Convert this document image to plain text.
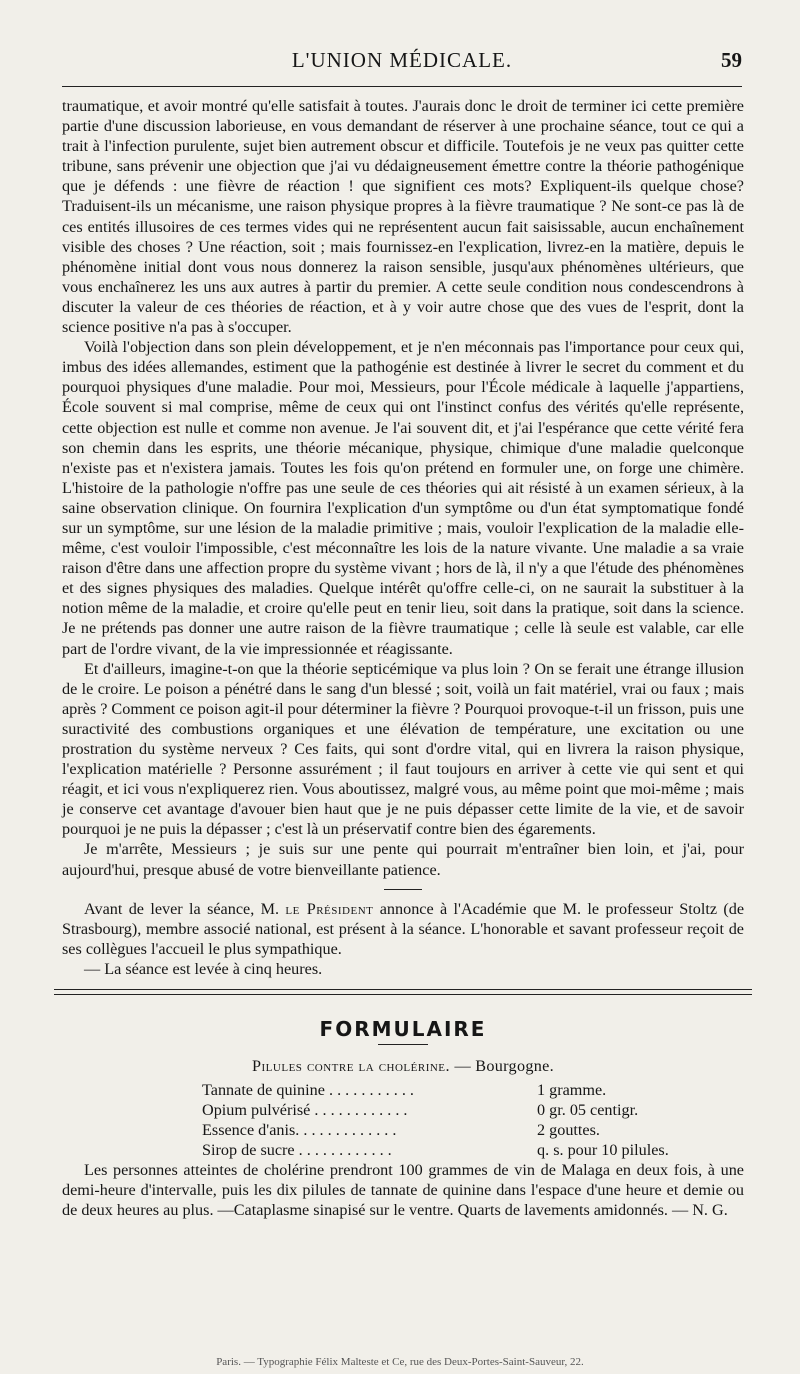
L'UNION MÉDICALE.	59

traumatique, et avoir montré qu'elle satisfait à toutes. J'aurais donc le droit de terminer ici cette première partie d'une discussion laborieuse, en vous demandant de réserver à une prochaine séance, tout ce qui a trait à l'infection purulente, sujet bien autrement obscur et difficile. Toutefois je ne veux pas quitter cette tribune, sans prévenir une objection que j'ai vu dédaigneusement émettre contre la théorie pathogénique que je défends : une fièvre de réaction ! que signifient ces mots? Expliquent-ils quelque chose? Traduisent-ils un mécanisme, une raison physique propres à la fièvre traumatique ? Ne sont-ce pas là de ces entités illusoires de ces termes vides qui ne représentent aucun fait saisissable, aucun enchaînement visible des choses ? Une réaction, soit ; mais fournissez-en l'explication, livrez-en la matière, depuis le phénomène initial dont vous nous donnerez la raison sensible, jusqu'aux phénomènes ultérieurs, que vous enchaînerez les uns aux autres à partir du premier. A cette seule condition nous condescendrons à discuter la valeur de ces théories de réaction, et à y voir autre chose que des vues de l'esprit, dont la science positive n'a pas à s'occuper.

Voilà l'objection dans son plein développement, et je n'en méconnais pas l'importance pour ceux qui, imbus des idées allemandes, estiment que la pathogénie est destinée à livrer le secret du comment et du pourquoi physiques d'une maladie. Pour moi, Messieurs, pour l'École médicale à laquelle j'appartiens, École souvent si mal comprise, même de ceux qui ont l'instinct confus des vérités qu'elle représente, cette objection est nulle et comme non avenue. Je l'ai souvent dit, et j'ai l'espérance que cette vérité fera son chemin dans les esprits, une théorie mécanique, physique, chimique d'une maladie quelconque n'existe pas et n'existera jamais. Toutes les fois qu'on prétend en formuler une, on forge une chimère. L'histoire de la pathologie n'offre pas une seule de ces théories qui ait résisté à un examen sérieux, à la saine observation clinique. On fournira l'explication d'un symptôme ou d'un état symptomatique fondé sur un symptôme, sur une lésion de la maladie primitive ; mais, vouloir l'explication de la maladie elle-même, c'est vouloir l'impossible, c'est méconnaître les lois de la nature vivante. Une maladie a sa vraie raison d'être dans une affection propre du système vivant ; hors de là, il n'y a que l'étude des phénomènes et des signes physiques des maladies. Quelque intérêt qu'offre celle-ci, on ne saurait la substituer à la notion même de la maladie, et croire qu'elle peut en tenir lieu, soit dans la pratique, soit dans la science. Je ne prétends pas donner une autre raison de la fièvre traumatique ; celle là seule est valable, car elle part de l'ordre vivant, de la vie impressionnée et réagissante.

Et d'ailleurs, imagine-t-on que la théorie septicémique va plus loin ? On se ferait une étrange illusion de le croire. Le poison a pénétré dans le sang d'un blessé ; soit, voilà un fait matériel, vrai ou faux ; mais après ? Comment ce poison agit-il pour déterminer la fièvre ? Pourquoi provoque-t-il un frisson, puis une suractivité des combustions organiques et une élévation de température, une excitation ou une prostration du système nerveux ? Ces faits, qui sont d'ordre vital, qui en livrera la raison physique, l'explication matérielle ? Personne assurément ; il faut toujours en arriver à cette vie qui sent et qui réagit, et ici vous n'expliquerez rien. Vous aboutissez, malgré vous, au même point que moi-même ; mais je conserve cet avantage d'avouer bien haut que je ne puis dépasser cette limite de la vie, et de savoir pourquoi je ne puis la dépasser ; c'est là un préservatif contre bien des égarements.

Je m'arrête, Messieurs ; je suis sur une pente qui pourrait m'entraîner bien loin, et j'ai, pour aujourd'hui, presque abusé de votre bienveillante patience.

Avant de lever la séance, M. le Président annonce à l'Académie que M. le professeur Stoltz (de Strasbourg), membre associé national, est présent à la séance. L'honorable et savant professeur reçoit de ses collègues l'accueil le plus sympathique.

— La séance est levée à cinq heures.

FORMULAIRE
Pilules contre la cholérine. — Bourgogne.
Tannate de quinine . . . . . . . . . . .	1 gramme.
Opium pulvérisé . . . . . . . . . . . .	0 gr. 05 centigr.
Essence d'anis. . . . . . . . . . . . .	2 gouttes.
Sirop de sucre . . . . . . . . . . . .	q. s. pour 10 pilules.

Les personnes atteintes de cholérine prendront 100 grammes de vin de Malaga en deux fois, à une demi-heure d'intervalle, puis les dix pilules de tannate de quinine dans l'espace d'une heure et demie ou de deux heures au plus. —Cataplasme sinapisé sur le ventre. Quarts de lavements amidonnés. — N. G.

Paris. — Typographie Félix Malteste et Ce, rue des Deux-Portes-Saint-Sauveur, 22.
